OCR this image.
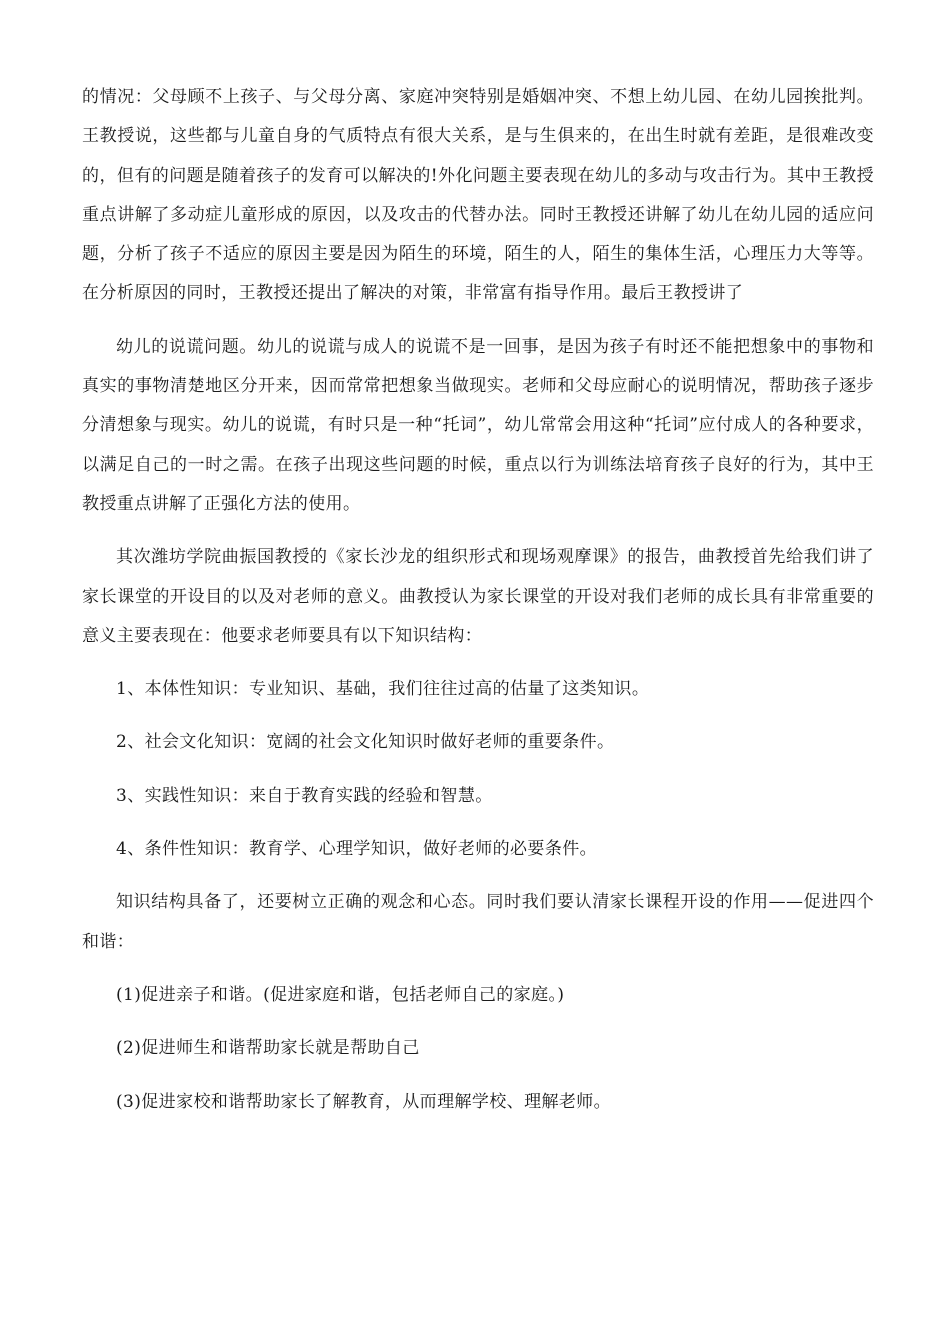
的情况：父母顾不上孩子、与父母分离、家庭冲突特别是婚姻冲突、不想上幼儿园、在幼儿园挨批判。王教授说，这些都与儿童自身的气质特点有很大关系，是与生俱来的，在出生时就有差距，是很难改变的，但有的问题是随着孩子的发育可以解决的!外化问题主要表现在幼儿的多动与攻击行为。其中王教授重点讲解了多动症儿童形成的原因，以及攻击的代替办法。同时王教授还讲解了幼儿在幼儿园的适应问题，分析了孩子不适应的原因主要是因为陌生的环境，陌生的人，陌生的集体生活，心理压力大等等。在分析原因的同时，王教授还提出了解决的对策，非常富有指导作用。最后王教授讲了

幼儿的说谎问题。幼儿的说谎与成人的说谎不是一回事，是因为孩子有时还不能把想象中的事物和真实的事物清楚地区分开来，因而常常把想象当做现实。老师和父母应耐心的说明情况，帮助孩子逐步分清想象与现实。幼儿的说谎，有时只是一种“托词”，幼儿常常会用这种“托词”应付成人的各种要求，以满足自己的一时之需。在孩子出现这些问题的时候，重点以行为训练法培育孩子良好的行为，其中王教授重点讲解了正强化方法的使用。

其次潍坊学院曲振国教授的《家长沙龙的组织形式和现场观摩课》的报告，曲教授首先给我们讲了家长课堂的开设目的以及对老师的意义。曲教授认为家长课堂的开设对我们老师的成长具有非常重要的意义主要表现在：他要求老师要具有以下知识结构：

1、本体性知识：专业知识、基础，我们往往过高的估量了这类知识。

2、社会文化知识：宽阔的社会文化知识时做好老师的重要条件。

3、实践性知识：来自于教育实践的经验和智慧。

4、条件性知识：教育学、心理学知识，做好老师的必要条件。

知识结构具备了，还要树立正确的观念和心态。同时我们要认清家长课程开设的作用——促进四个和谐：

(1)促进亲子和谐。(促进家庭和谐，包括老师自己的家庭。)

(2)促进师生和谐帮助家长就是帮助自己

(3)促进家校和谐帮助家长了解教育，从而理解学校、理解老师。
